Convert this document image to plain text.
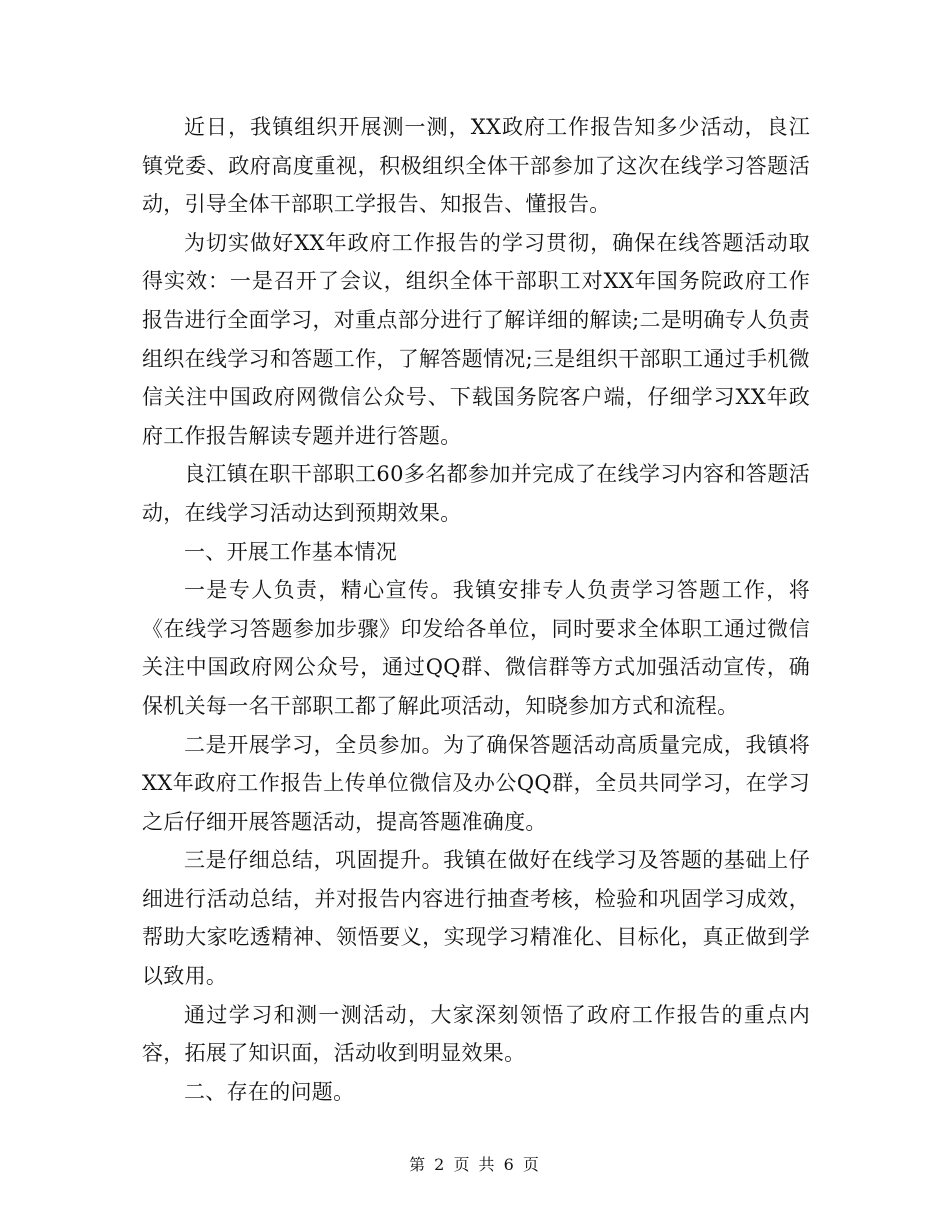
近日，我镇组织开展测一测，XX政府工作报告知多少活动，良江镇党委、政府高度重视，积极组织全体干部参加了这次在线学习答题活动，引导全体干部职工学报告、知报告、懂报告。

为切实做好XX年政府工作报告的学习贯彻，确保在线答题活动取得实效：一是召开了会议，组织全体干部职工对XX年国务院政府工作报告进行全面学习，对重点部分进行了解详细的解读;二是明确专人负责组织在线学习和答题工作，了解答题情况;三是组织干部职工通过手机微信关注中国政府网微信公众号、下载国务院客户端，仔细学习XX年政府工作报告解读专题并进行答题。

良江镇在职干部职工60多名都参加并完成了在线学习内容和答题活动，在线学习活动达到预期效果。

一、开展工作基本情况

一是专人负责，精心宣传。我镇安排专人负责学习答题工作，将《在线学习答题参加步骤》印发给各单位，同时要求全体职工通过微信关注中国政府网公众号，通过QQ群、微信群等方式加强活动宣传，确保机关每一名干部职工都了解此项活动，知晓参加方式和流程。

二是开展学习，全员参加。为了确保答题活动高质量完成，我镇将XX年政府工作报告上传单位微信及办公QQ群，全员共同学习，在学习之后仔细开展答题活动，提高答题准确度。

三是仔细总结，巩固提升。我镇在做好在线学习及答题的基础上仔细进行活动总结，并对报告内容进行抽查考核，检验和巩固学习成效，帮助大家吃透精神、领悟要义，实现学习精准化、目标化，真正做到学以致用。

通过学习和测一测活动，大家深刻领悟了政府工作报告的重点内容，拓展了知识面，活动收到明显效果。

二、存在的问题。

第 2 页 共 6 页
